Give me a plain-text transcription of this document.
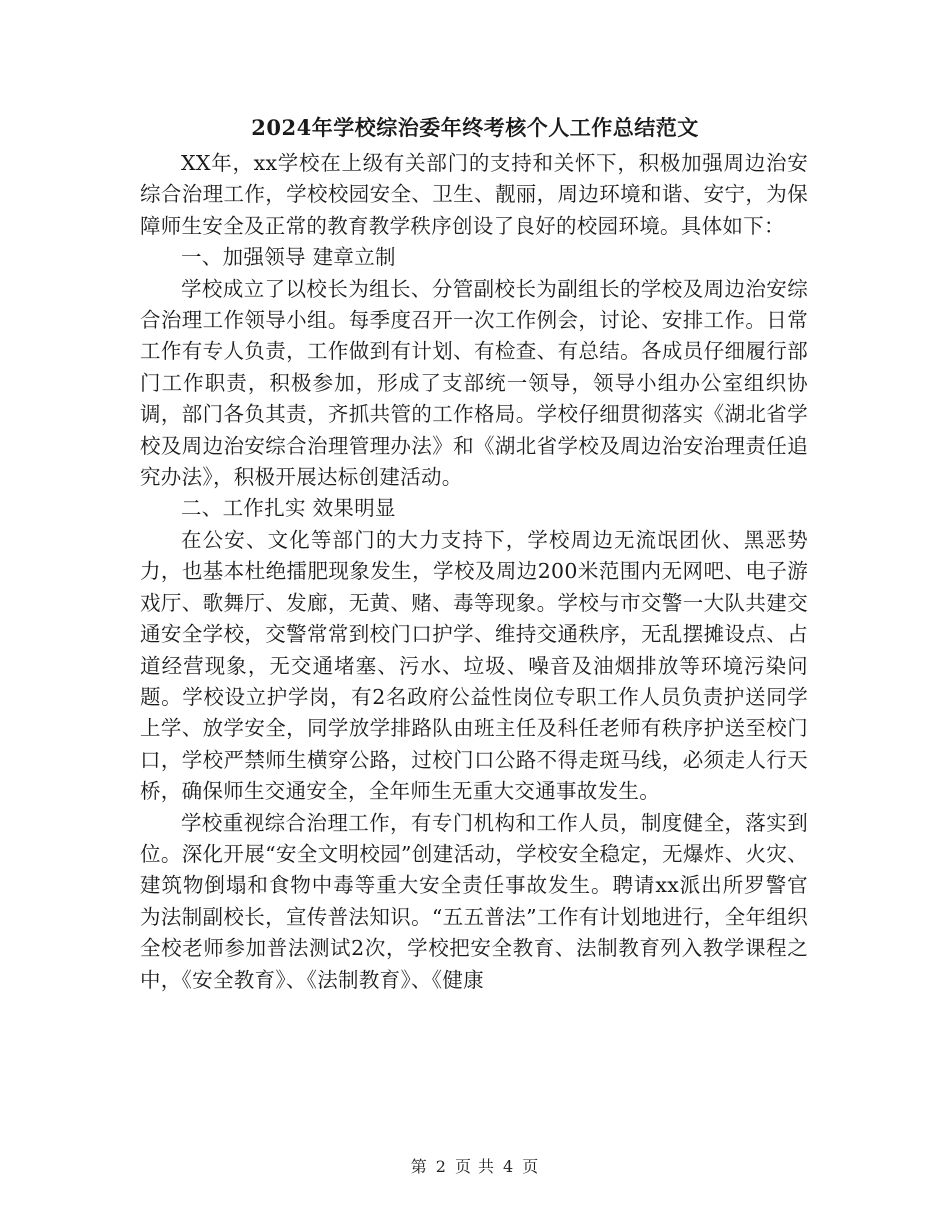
2024年学校综治委年终考核个人工作总结范文

XX年，xx学校在上级有关部门的支持和关怀下，积极加强周边治安综合治理工作，学校校园安全、卫生、靓丽，周边环境和谐、安宁，为保障师生安全及正常的教育教学秩序创设了良好的校园环境。具体如下：

一、加强领导 建章立制

学校成立了以校长为组长、分管副校长为副组长的学校及周边治安综合治理工作领导小组。每季度召开一次工作例会，讨论、安排工作。日常工作有专人负责，工作做到有计划、有检查、有总结。各成员仔细履行部门工作职责，积极参加，形成了支部统一领导，领导小组办公室组织协调，部门各负其责，齐抓共管的工作格局。学校仔细贯彻落实《湖北省学校及周边治安综合治理管理办法》和《湖北省学校及周边治安治理责任追究办法》，积极开展达标创建活动。

二、工作扎实 效果明显

在公安、文化等部门的大力支持下，学校周边无流氓团伙、黑恶势力，也基本杜绝擂肥现象发生，学校及周边200米范围内无网吧、电子游戏厅、歌舞厅、发廊，无黄、赌、毒等现象。学校与市交警一大队共建交通安全学校，交警常常到校门口护学、维持交通秩序，无乱摆摊设点、占道经营现象，无交通堵塞、污水、垃圾、噪音及油烟排放等环境污染问题。学校设立护学岗，有2名政府公益性岗位专职工作人员负责护送同学上学、放学安全，同学放学排路队由班主任及科任老师有秩序护送至校门口，学校严禁师生横穿公路，过校门口公路不得走斑马线，必须走人行天桥，确保师生交通安全，全年师生无重大交通事故发生。

学校重视综合治理工作，有专门机构和工作人员，制度健全，落实到位。深化开展“安全文明校园”创建活动，学校安全稳定，无爆炸、火灾、建筑物倒塌和食物中毒等重大安全责任事故发生。聘请xx派出所罗警官为法制副校长，宣传普法知识。“五五普法”工作有计划地进行，全年组织全校老师参加普法测试2次，学校把安全教育、法制教育列入教学课程之中，《安全教育》、《法制教育》、《健康

第 2 页 共 4 页
